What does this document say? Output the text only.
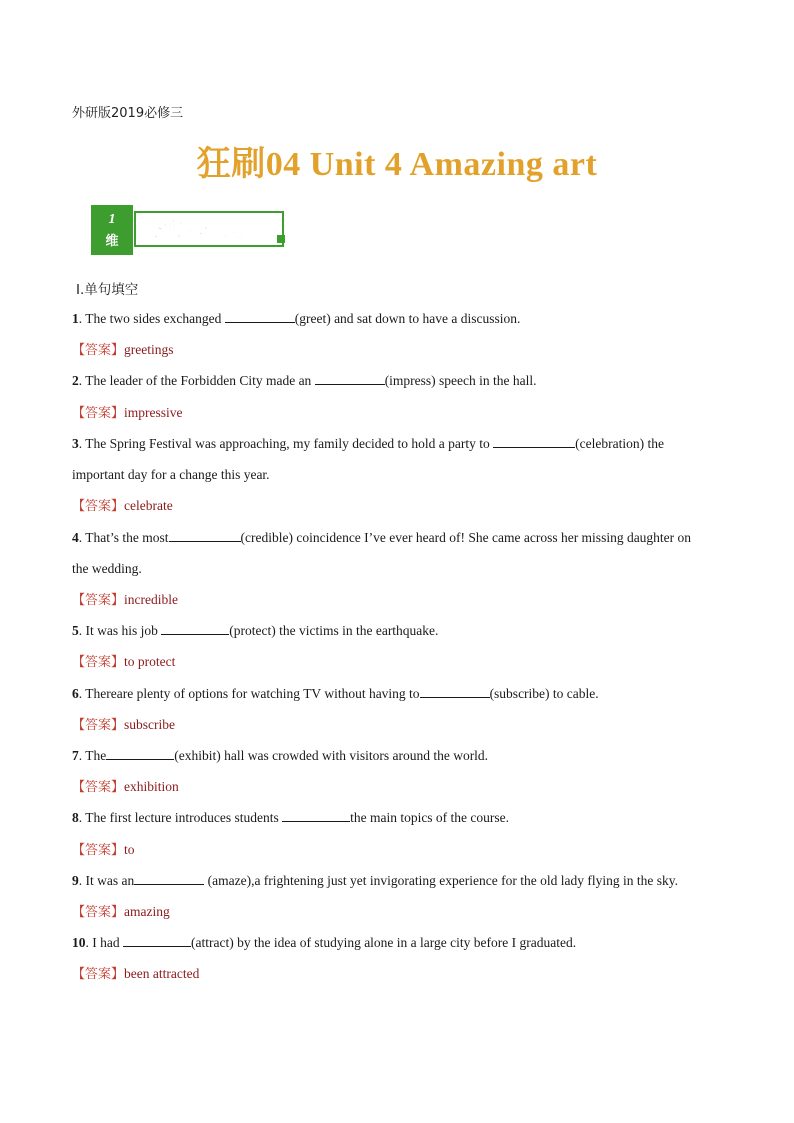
外研版2019必修三
狂刷04 Unit 4 Amazing art
1
维
夯实基础练
Ⅰ.单句填空
1. The two sides exchanged	(greet) and sat down to have a discussion.
【答案】greetings
2. The leader of the Forbidden City made an	(impress) speech in the hall.
【答案】impressive
3. The Spring Festival was approaching, my family decided to hold a party to	(celebration) the
important day for a change this year.
【答案】celebrate
4. That’s the most	(credible) coincidence I’ve ever heard of! She came across her missing daughter on
the wedding.
【答案】incredible
5. It was his job	(protect) the victims in the earthquake.
【答案】to protect
6. Thereare plenty of options for watching TV without having to	(subscribe) to cable.
【答案】subscribe
7. The	(exhibit) hall was crowded with visitors around the world.
【答案】exhibition
8. The first lecture introduces students	the main topics of the course.
【答案】to
9. It was an	(amaze),a frightening just yet invigorating experience for the old lady flying in the sky.
【答案】amazing
10. I had	(attract) by the idea of studying alone in a large city before I graduated.
【答案】been attracted
